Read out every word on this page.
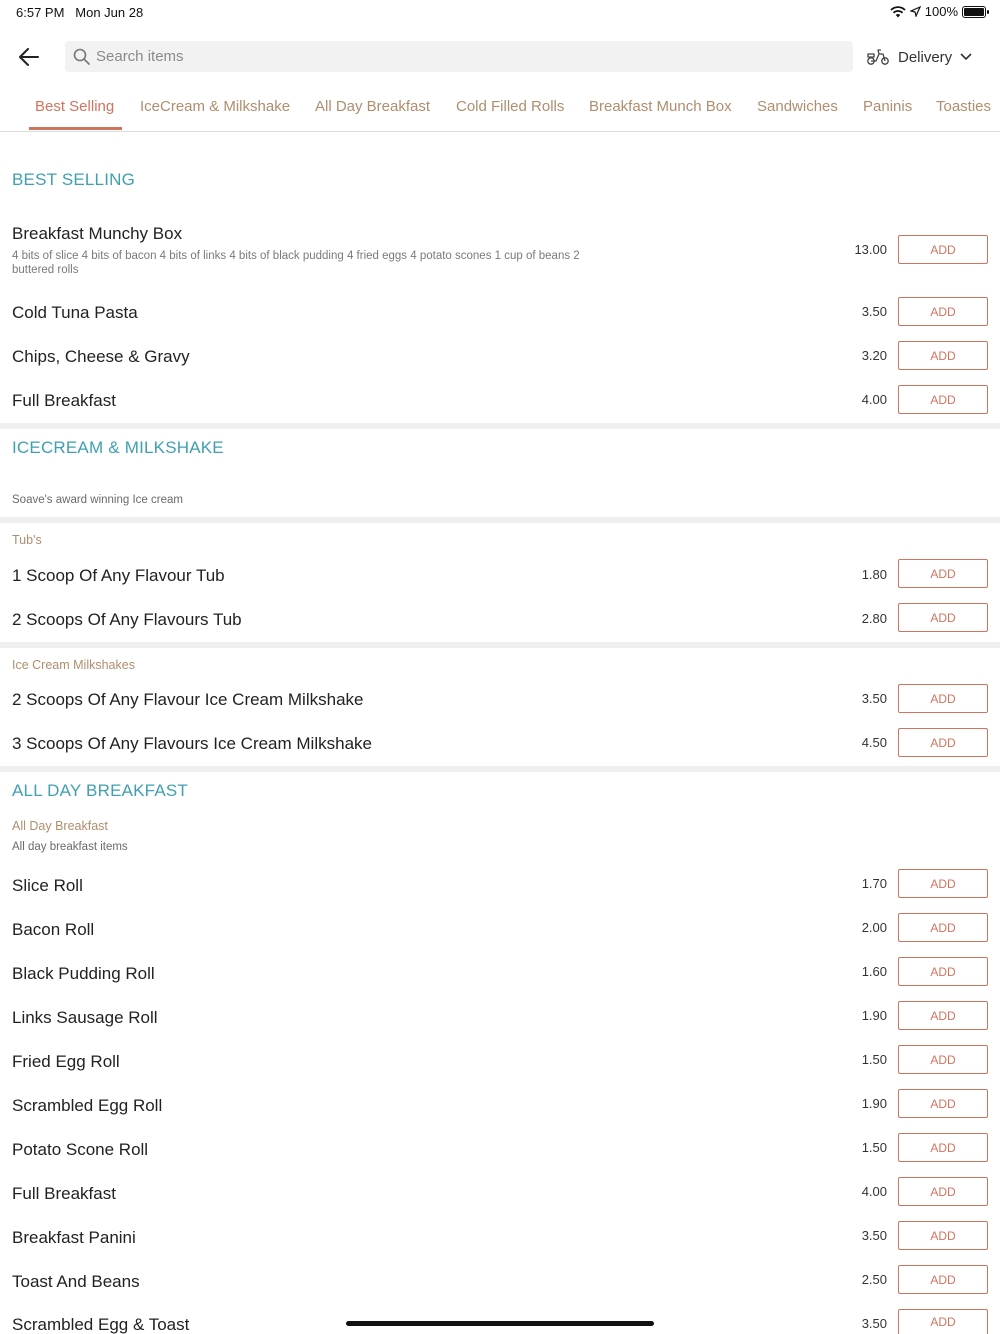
6:57 PM Mon Jun 28	100%
Search items
Delivery
Best Selling IceCream & Milkshake All Day Breakfast Cold Filled Rolls Breakfast Munch Box Sandwiches Paninis Toasties
BEST SELLING
Breakfast Munchy Box
4 bits of slice 4 bits of bacon 4 bits of links 4 bits of black pudding 4 fried eggs 4 potato scones 1 cup of beans 2 buttered rolls
13.00	ADD
Cold Tuna Pasta	3.50	ADD
Chips, Cheese & Gravy	3.20	ADD
Full Breakfast	4.00	ADD
ICECREAM & MILKSHAKE
Soave's award winning Ice cream
Tub's
1 Scoop Of Any Flavour Tub	1.80	ADD
2 Scoops Of Any Flavours Tub	2.80	ADD
Ice Cream Milkshakes
2 Scoops Of Any Flavour Ice Cream Milkshake	3.50	ADD
3 Scoops Of Any Flavours Ice Cream Milkshake	4.50	ADD
ALL DAY BREAKFAST
All Day Breakfast
All day breakfast items
Slice Roll	1.70	ADD
Bacon Roll	2.00	ADD
Black Pudding Roll	1.60	ADD
Links Sausage Roll	1.90	ADD
Fried Egg Roll	1.50	ADD
Scrambled Egg Roll	1.90	ADD
Potato Scone Roll	1.50	ADD
Full Breakfast	4.00	ADD
Breakfast Panini	3.50	ADD
Toast And Beans	2.50	ADD
Scrambled Egg & Toast	3.50	ADD
